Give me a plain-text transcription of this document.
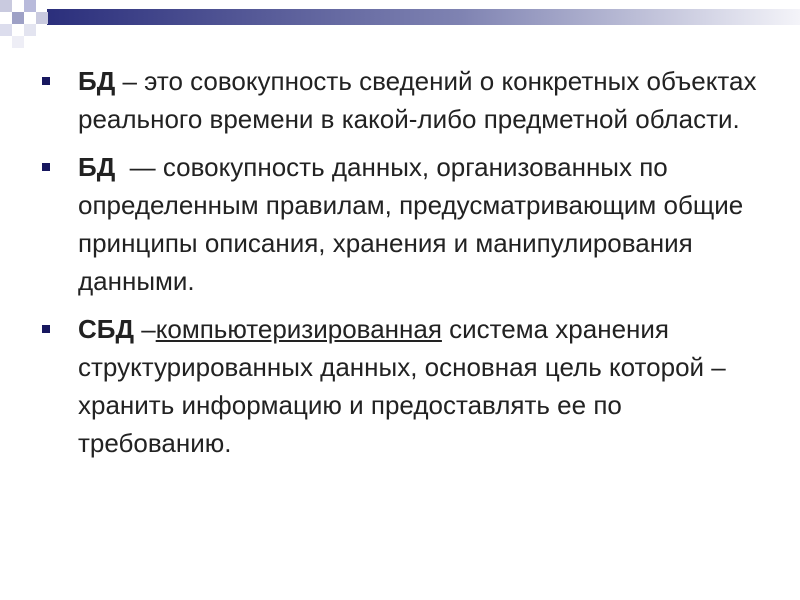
БД – это совокупность сведений о конкретных объектах реального времени в какой-либо предметной области.
БД  — совокупность данных, организованных по определенным правилам, предусматривающим общие принципы описания, хранения и манипулирования данными.
СБД –компьютеризированная система хранения структурированных данных, основная цель которой – хранить информацию и предоставлять ее по требованию.
